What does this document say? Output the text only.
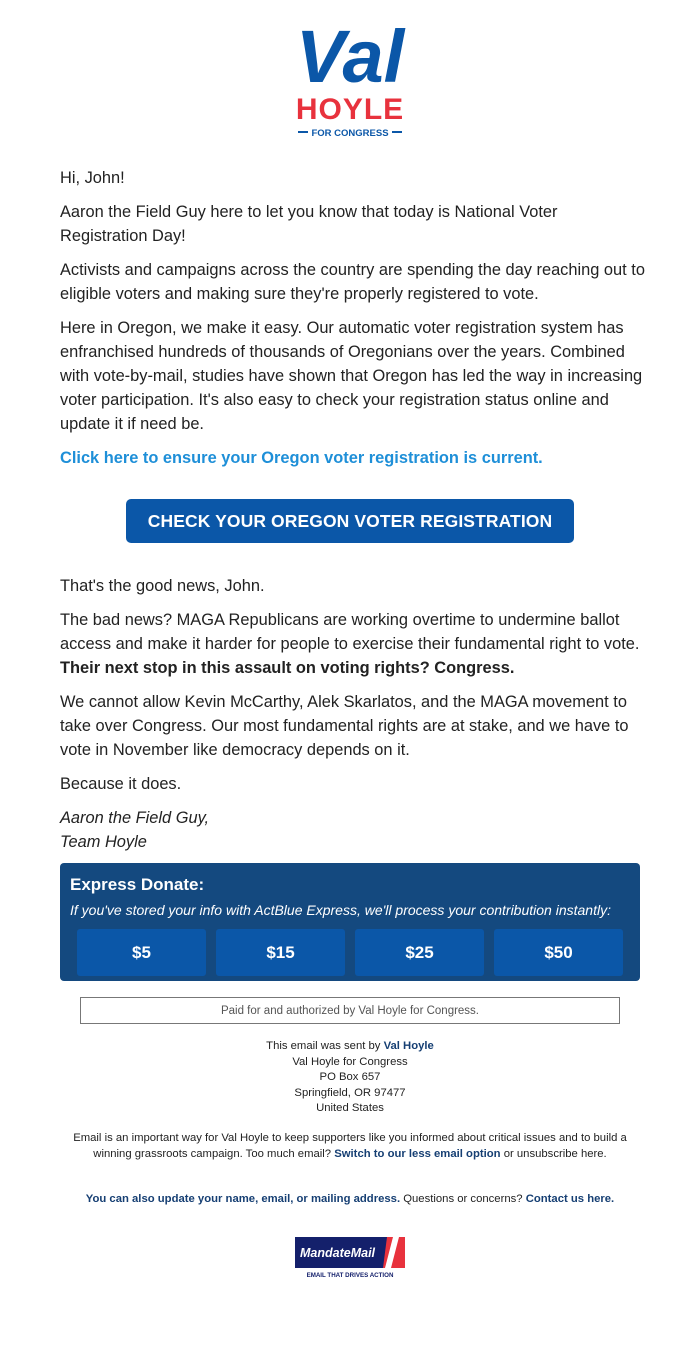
Val
HOYLE
FOR CONGRESS
Hi, John!
Aaron the Field Guy here to let you know that today is National Voter Registration Day!
Activists and campaigns across the country are spending the day reaching out to eligible voters and making sure they're properly registered to vote.
Here in Oregon, we make it easy. Our automatic voter registration system has enfranchised hundreds of thousands of Oregonians over the years. Combined with vote-by-mail, studies have shown that Oregon has led the way in increasing voter participation. It's also easy to check your registration status online and update it if need be.
Click here to ensure your Oregon voter registration is current.
CHECK YOUR OREGON VOTER REGISTRATION
That's the good news, John.
The bad news? MAGA Republicans are working overtime to undermine ballot access and make it harder for people to exercise their fundamental right to vote. Their next stop in this assault on voting rights? Congress.
We cannot allow Kevin McCarthy, Alek Skarlatos, and the MAGA movement to take over Congress. Our most fundamental rights are at stake, and we have to vote in November like democracy depends on it.
Because it does.
Aaron the Field Guy,
Team Hoyle
Express Donate:
If you've stored your info with ActBlue Express, we'll process your contribution instantly:
$5	$15	$25	$50
Paid for and authorized by Val Hoyle for Congress.
This email was sent by Val Hoyle
Val Hoyle for Congress
PO Box 657
Springfield, OR 97477
United States
Email is an important way for Val Hoyle to keep supporters like you informed about critical issues and to build a winning grassroots campaign. Too much email? Switch to our less email option or unsubscribe here.
You can also update your name, email, or mailing address. Questions or concerns? Contact us here.
MandateMail
EMAIL THAT DRIVES ACTION
